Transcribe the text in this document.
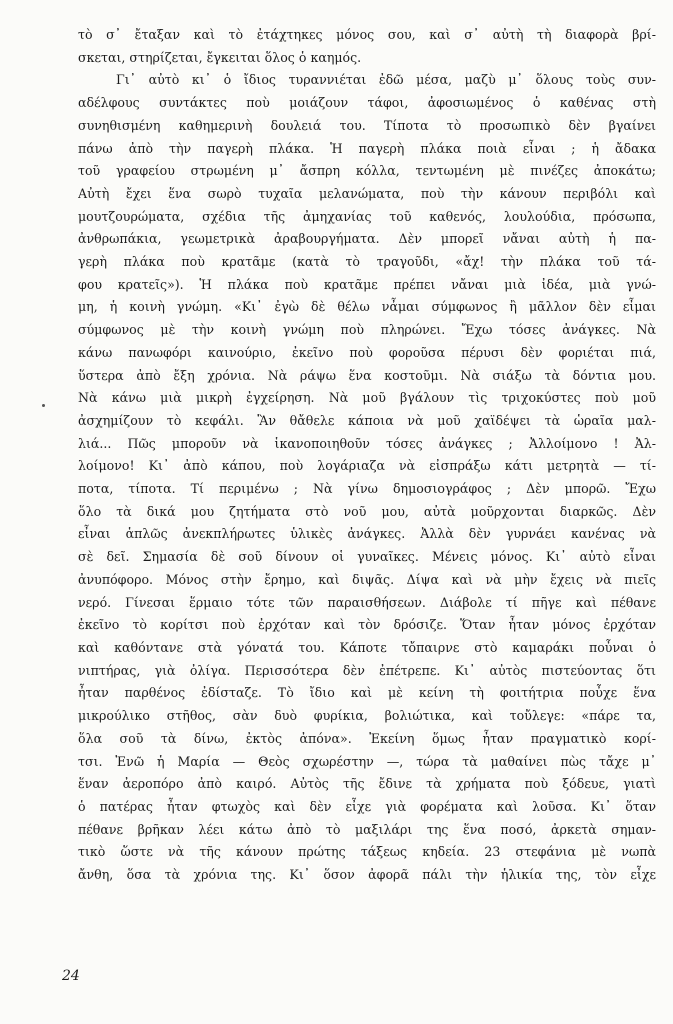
τὸ σ᾿ ἔταξαν καὶ τὸ ἐτάχτηκες μόνος σου, καὶ σ᾿ αὐτὴ τὴ διαφορὰ βρί-
σκεται, στηρίζεται, ἔγκειται ὅλος ὁ καημός.
Γι᾿ αὐτὸ κι᾿ ὁ ἴδιος τυραννιέται ἐδῶ μέσα, μαζὺ μ᾿ ὅλους τοὺς συν-
αδέλφους συντάκτες ποὺ μοιάζουν τάφοι, ἀφοσιωμένος ὁ καθένας στὴ
συνηθισμένη καθημερινὴ δουλειά του. Τίποτα τὸ προσωπικὸ δὲν βγαίνει
πάνω ἀπὸ τὴν παγερὴ πλάκα. Ἡ παγερὴ πλάκα ποιὰ εἶναι ; ἡ ἄδακα
τοῦ γραφείου στρωμένη μ᾿ ἄσπρη κόλλα, τεντωμένη μὲ πινέζες ἀποκάτω;
Αὐτὴ ἔχει ἕνα σωρὸ τυχαῖα μελανώματα, ποὺ τὴν κάνουν περιβόλι καὶ
μουτζουρώματα, σχέδια τῆς ἀμηχανίας τοῦ καθενός, λουλούδια, πρόσωπα,
ἀνθρωπάκια, γεωμετρικὰ ἀραβουργήματα. Δὲν μπορεῖ νἄναι αὐτὴ ἡ πα-
γερὴ πλάκα ποὺ κρατᾶμε (κατὰ τὸ τραγοῦδι, «ἄχ! τὴν πλάκα τοῦ τά-
φου κρατεῖς»). Ἡ πλάκα ποὺ κρατᾶμε πρέπει νἄναι μιὰ ἰδέα, μιὰ γνώ-
μη, ἡ κοινὴ γνώμη. «Κι᾿ ἐγὼ δὲ θέλω νἆμαι σύμφωνος ἢ μᾶλλον δὲν εἶμαι
σύμφωνος μὲ τὴν κοινὴ γνώμη ποὺ πληρώνει. Ἔχω τόσες ἀνάγκες. Νὰ
κάνω πανωφόρι καινούριο, ἐκεῖνο ποὺ φοροῦσα πέρυσι δὲν φοριέται πιά,
ὕστερα ἀπὸ ἔξη χρόνια. Νὰ ράψω ἕνα κοστοῦμι. Νὰ σιάξω τὰ δόντια μου.
Νὰ κάνω μιὰ μικρὴ ἐγχείρηση. Νὰ μοῦ βγάλουν τὶς τριχοκύστες ποὺ μοῦ
ἀσχημίζουν τὸ κεφάλι. Ἂν θἄθελε κάποια νὰ μοῦ χαϊδέψει τὰ ὡραῖα μαλ-
λιά... Πῶς μποροῦν νὰ ἱκανοποιηθοῦν τόσες ἀνάγκες ; Ἀλλοίμονο ! Ἀλ-
λοίμονο! Κι᾿ ἀπὸ κάπου, ποὺ λογάριαζα νὰ εἰσπράξω κάτι μετρητὰ — τί-
ποτα, τίποτα. Τί περιμένω ; Νὰ γίνω δημοσιογράφος ; Δὲν μπορῶ. Ἔχω
ὅλο τὰ δικά μου ζητήματα στὸ νοῦ μου, αὐτὰ μοῦρχονται διαρκῶς. Δὲν
εἶναι ἁπλῶς ἀνεκπλήρωτες ὑλικὲς ἀνάγκες. Ἀλλὰ δὲν γυρνάει κανένας νὰ
σὲ δεῖ. Σημασία δὲ σοῦ δίνουν οἱ γυναῖκες. Μένεις μόνος. Κι᾿ αὐτὸ εἶναι
ἀνυπόφορο. Μόνος στὴν ἔρημο, καὶ διψᾶς. Δίψα καὶ νὰ μὴν ἔχεις νὰ πιεῖς
νερό. Γίνεσαι ἕρμαιο τότε τῶν παραισθήσεων. Διάβολε τί πῆγε καὶ πέθανε
ἐκεῖνο τὸ κορίτσι ποὺ ἐρχόταν καὶ τὸν δρόσιζε. Ὅταν ἦταν μόνος ἐρχόταν
καὶ καθόντανε στὰ γόνατά του. Κάποτε τὄπαιρνε στὸ καμαράκι ποὖναι ὁ
νιπτήρας, γιὰ ὀλίγα. Περισσότερα δὲν ἐπέτρεπε. Κι᾿ αὐτὸς πιστεύοντας ὅτι
ἦταν παρθένος ἐδίσταζε. Τὸ ἴδιο καὶ μὲ κείνη τὴ φοιτήτρια ποὖχε ἕνα
μικρούλικο στῆθος, σὰν δυὸ φυρίκια, βολιώτικα, καὶ τοὔλεγε: «πάρε τα,
ὅλα σοῦ τὰ δίνω, ἐκτὸς ἀπόνα». Ἐκείνη ὅμως ἦταν πραγματικὸ κορί-
τσι. Ἐνῶ ἡ Μαρία — Θεὸς σχωρέστην —, τώρα τὰ μαθαίνει πὼς τἄχε μ᾿
ἕναν ἀεροπόρο ἀπὸ καιρό. Αὐτὸς τῆς ἔδινε τὰ χρήματα ποὺ ξόδευε, γιατὶ
ὁ πατέρας ἦταν φτωχὸς καὶ δὲν εἶχε γιὰ φορέματα καὶ λοῦσα. Κι᾿ ὅταν
πέθανε βρῆκαν λέει κάτω ἀπὸ τὸ μαξιλάρι της ἕνα ποσό, ἀρκετὰ σημαν-
τικὸ ὥστε νὰ τῆς κάνουν πρώτης τάξεως κηδεία. 23 στεφάνια μὲ νωπὰ
ἄνθη, ὅσα τὰ χρόνια της. Κι᾿ ὅσον ἀφορᾶ πάλι τὴν ἡλικία της, τὸν εἶχε
24
